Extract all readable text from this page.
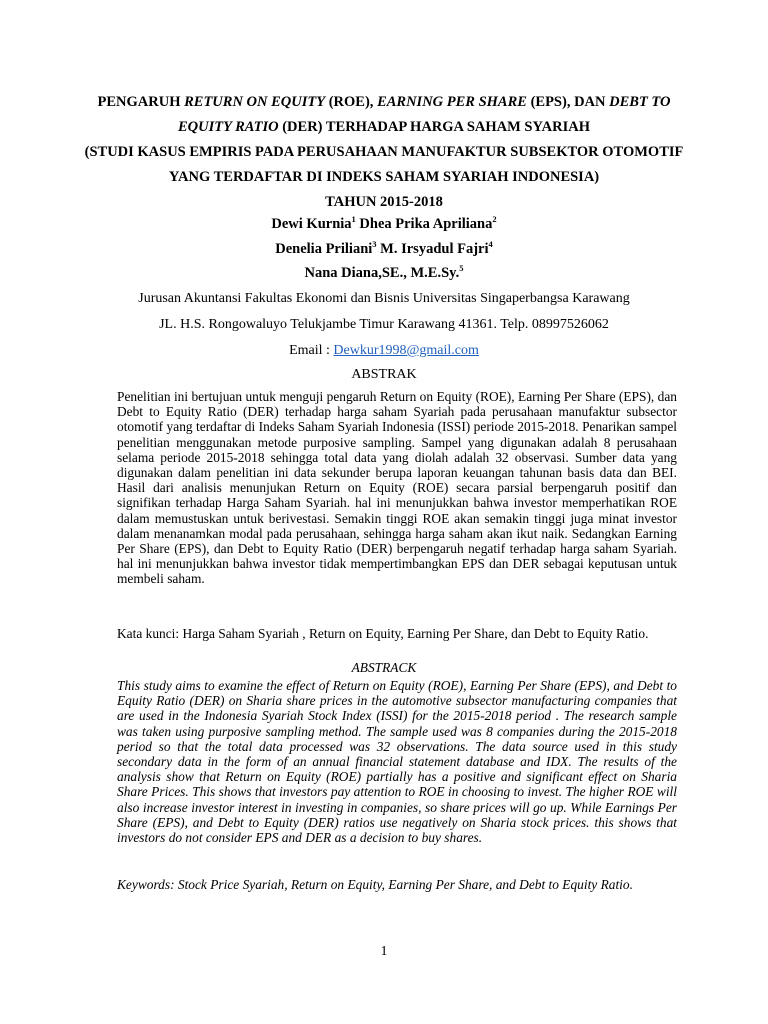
PENGARUH RETURN ON EQUITY (ROE), EARNING PER SHARE (EPS), DAN DEBT TO
EQUITY RATIO (DER) TERHADAP HARGA SAHAM SYARIAH
(STUDI KASUS EMPIRIS PADA PERUSAHAAN MANUFAKTUR SUBSEKTOR OTOMOTIF
YANG TERDAFTAR DI INDEKS SAHAM SYARIAH INDONESIA)
TAHUN 2015-2018
Dewi Kurnia$^1$ Dhea Prika Apriliana$^2$
Denelia Priliani$^3$ M. Irsyadul Fajri$^4$
Nana Diana,SE., M.E.Sy.$^5$
Jurusan Akuntansi Fakultas Ekonomi dan Bisnis Universitas Singaperbangsa Karawang
JL. H.S. Rongowaluyo Telukjambe Timur Karawang 41361. Telp. 08997526062
Email : Dewkur1998@gmail.com
ABSTRAK
Penelitian ini bertujuan untuk menguji pengaruh Return on Equity (ROE), Earning Per Share (EPS), dan Debt to Equity Ratio (DER) terhadap harga saham Syariah pada perusahaan manufaktur subsector otomotif yang terdaftar di Indeks Saham Syariah Indonesia (ISSI) periode 2015-2018. Penarikan sampel penelitian menggunakan metode purposive sampling. Sampel yang digunakan adalah 8 perusahaan selama periode 2015-2018 sehingga total data yang diolah adalah 32 observasi. Sumber data yang digunakan dalam penelitian ini data sekunder berupa laporan keuangan tahunan basis data dan BEI. Hasil dari analisis menunjukan Return on Equity (ROE) secara parsial berpengaruh positif dan signifikan terhadap Harga Saham Syariah. hal ini menunjukkan bahwa investor memperhatikan ROE dalam memustuskan untuk berivestasi. Semakin tinggi ROE akan semakin tinggi juga minat investor dalam menanamkan modal pada perusahaan, sehingga harga saham akan ikut naik. Sedangkan Earning Per Share (EPS), dan Debt to Equity Ratio (DER) berpengaruh negatif terhadap harga saham Syariah. hal ini menunjukkan bahwa investor tidak mempertimbangkan EPS dan DER sebagai keputusan untuk membeli saham.
Kata kunci: Harga Saham Syariah , Return on Equity, Earning Per Share, dan Debt to Equity Ratio.
ABSTRACK
This study aims to examine the effect of Return on Equity (ROE), Earning Per Share (EPS), and Debt to Equity Ratio (DER) on Sharia share prices in the automotive subsector manufacturing companies that are used in the Indonesia Syariah Stock Index (ISSI) for the 2015-2018 period . The research sample was taken using purposive sampling method. The sample used was 8 companies during the 2015-2018 period so that the total data processed was 32 observations. The data source used in this study secondary data in the form of an annual financial statement database and IDX. The results of the analysis show that Return on Equity (ROE) partially has a positive and significant effect on Sharia Share Prices. This shows that investors pay attention to ROE in choosing to invest. The higher ROE will also increase investor interest in investing in companies, so share prices will go up. While Earnings Per Share (EPS), and Debt to Equity (DER) ratios use negatively on Sharia stock prices. this shows that investors do not consider EPS and DER as a decision to buy shares.
Keywords: Stock Price Syariah, Return on Equity, Earning Per Share, and Debt to Equity Ratio.
1
